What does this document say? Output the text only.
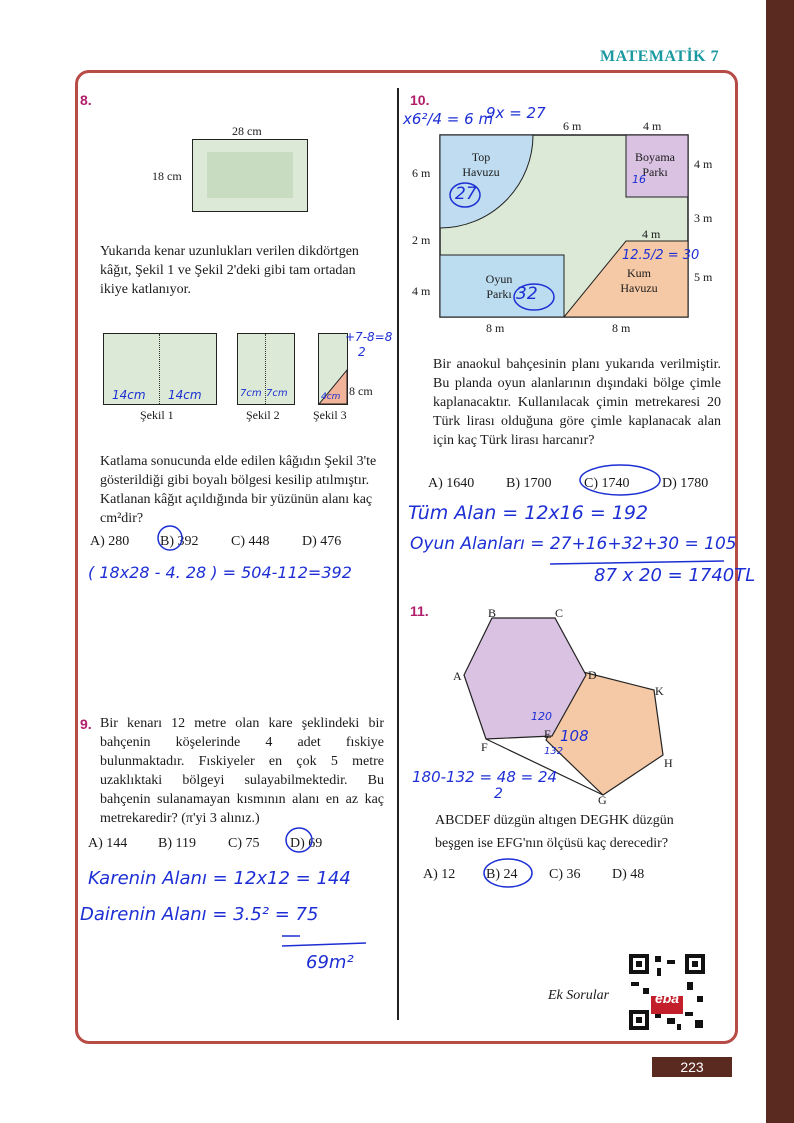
MATEMATİK 7
8.
28 cm
18 cm
Yukarıda kenar uzunlukları verilen dikdörtgen kâğıt, Şekil 1 ve Şekil 2'deki gibi tam ortadan ikiye katlanıyor.
8 cm
Şekil 1	Şekil 2	Şekil 3
14cm 14cm	7cm 7cm	4cm
+7-8=8
2
Katlama sonucunda elde edilen kâğıdın Şekil 3'te gösterildiği gibi boyalı bölgesi kesilip atılmıştır. Katlanan kâğıt açıldığında bir yüzünün alanı kaç cm²dir?
A) 280 B) 392 C) 448 D) 476
( 18x28 - 4. 28 ) = 504-112=392
9. Bir kenarı 12 metre olan kare şeklindeki bir bahçenin köşelerinde 4 adet fıskiye bulunmaktadır. Fıskiyeler en çok 5 metre uzaklıktaki bölgeyi sulayabilmektedir. Bu bahçenin sulanamayan kısmının alanı en az kaç metrekaredir? (π'yi 3 alınız.)
A) 144 B) 119 C) 75 D) 69
Karenin Alanı = 12x12 = 144
Dairenin Alanı = 3.5² = 75
69m²
10.
x6²/4 = 6 m
9x = 27
6 m	4 m
6 m
4 m
3 m
2 m	4 m
5 m
4 m
8 m	8 m
Top Havuzu
Boyama Parkı
Oyun Parkı
Kum Havuzu
27
16
32
12.5/2 = 30
Bir anaokul bahçesinin planı yukarıda verilmiştir. Bu planda oyun alanlarının dışındaki bölge çimle kaplanacaktır. Kullanılacak çimin metrekaresi 20 Türk lirası olduğuna göre çimle kaplanacak alan için kaç Türk lirası harcanır?
A) 1640 B) 1700 C) 1740 D) 1780
Tüm Alan = 12x16 = 192
Oyun Alanları = 27+16+32+30 = 105
87 x 20 = 1740TL
11.	B	C
A	D
K
E
F
H
G
120
108
132
180-132 = 48 = 24
2
ABCDEF düzgün altıgen DEGHK düzgün
beşgen ise EFG'nın ölçüsü kaç derecedir?
A) 12 B) 24 C) 36 D) 48
Ek Sorular	eba
223
